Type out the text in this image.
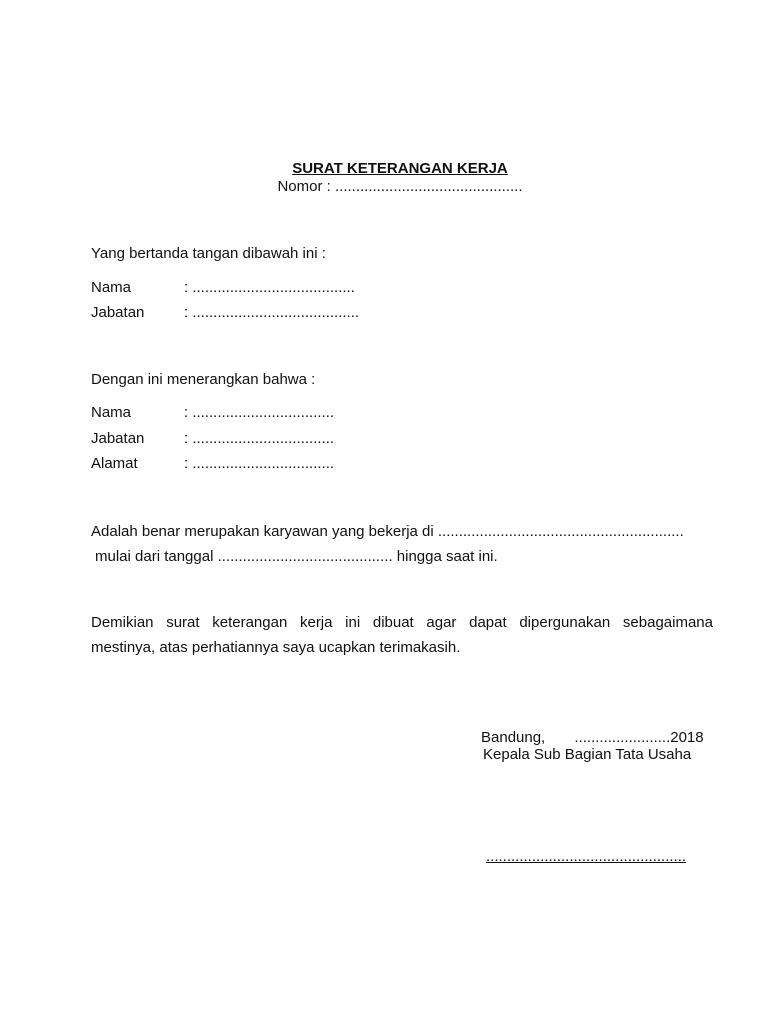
SURAT KETERANGAN KERJA
Nomor : .............................................
Yang bertanda tangan dibawah ini :
Nama	: .......................................
Jabatan	: ........................................
Dengan ini menerangkan bahwa :
Nama	: ..................................
Jabatan	: ..................................
Alamat	: ..................................
Adalah benar merupakan karyawan yang bekerja di ...........................................................
mulai dari tanggal .......................................... hingga saat ini.
Demikian  surat  keterangan  kerja  ini  dibuat  agar  dapat  dipergunakan  sebagaimana
mestinya, atas perhatiannya saya ucapkan terimakasih.
Bandung,       .......................2018
Kepala Sub Bagian Tata Usaha
................................................
